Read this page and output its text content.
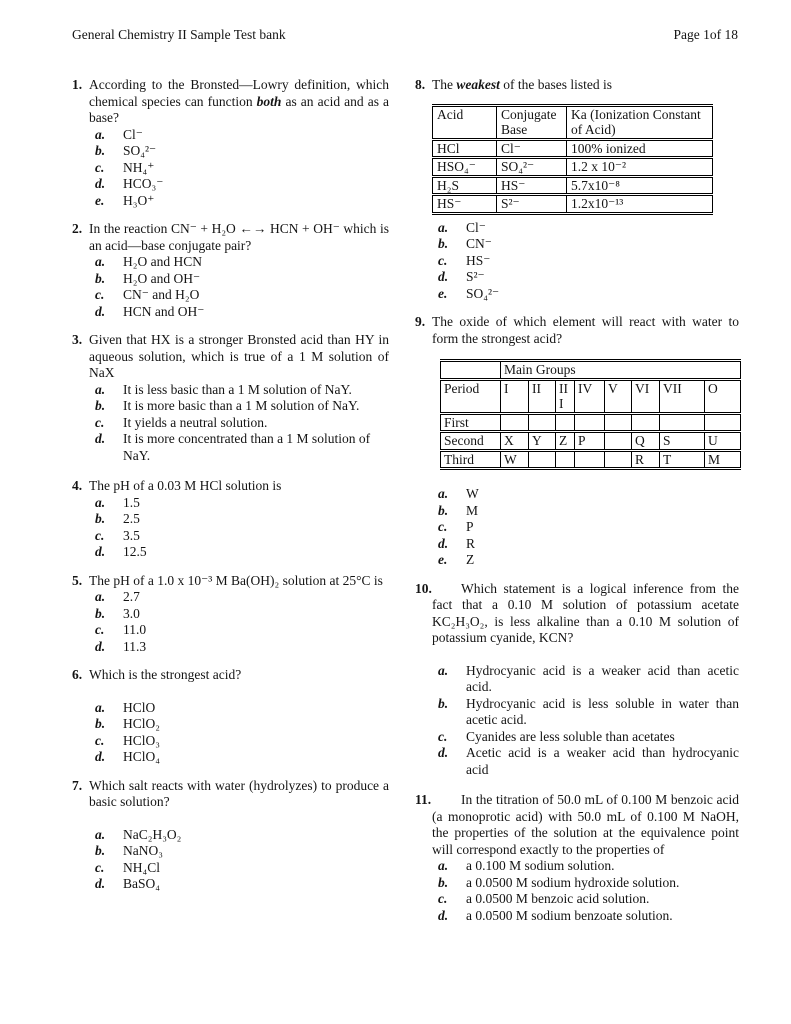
General Chemistry II Sample Test bank	Page 1of 18

1. According to the Bronsted—Lowry definition, which chemical species can function both as an acid and as a base?

a.	Cl⁻
b.	SO₄²⁻
c.	NH₄⁺
d.	HCO₃⁻
e.	H₃O⁺

2. In the reaction CN⁻ + H₂O ←→ HCN + OH⁻ which is an acid—base conjugate pair?

a.	H₂O and HCN
b.	H₂O and OH⁻
c.	CN⁻ and H₂O
d.	HCN and OH⁻

3. Given that HX is a stronger Bronsted acid than HY in aqueous solution, which is true of a 1 M solution of NaX

a.	It is less basic than a 1 M solution of NaY.
b.	It is more basic than a 1 M solution of NaY.
c.	It yields a neutral solution.
d.	It is more concentrated than a 1 M solution of NaY.

4. The pH of a 0.03 M HCl solution is

a.	1.5
b.	2.5
c.	3.5
d.	12.5

5. The pH of a 1.0 x 10⁻³ M Ba(OH)₂ solution at 25°C is

a.	2.7
b.	3.0
c.	11.0
d.	11.3

6. Which is the strongest acid?

a.	HClO
b.	HClO₂
c.	HClO₃
d.	HClO₄

7. Which salt reacts with water (hydrolyzes) to produce a basic solution?

a.	NaC₂H₃O₂
b.	NaNO₃
c.	NH₄Cl
d.	BaSO₄

8. The weakest of the bases listed is

Acid	Conjugate Base	Ka (Ionization Constant of Acid)
HCl	Cl⁻	100% ionized
HSO₄⁻	SO₄²⁻	1.2 x 10⁻²
H₂S	HS⁻	5.7x10⁻⁸
HS⁻	S²⁻	1.2x10⁻¹³
a.	Cl⁻
b.	CN⁻
c.	HS⁻
d.	S²⁻
e.	SO₄²⁻

9. The oxide of which element will react with water to form the strongest acid?

	Main Groups							
Period	I	II	III	IV	V	VI	VII	O
First								
Second	X	Y	Z	P		Q	S	U
Third	W					R	T	M
a.	W
b.	M
c.	P
d.	R
e.	Z

10. Which statement is a logical inference from the fact that a 0.10 M solution of potassium acetate KC₂H₃O₂, is less alkaline than a 0.10 M solution of potassium cyanide, KCN?

a.	Hydrocyanic acid is a weaker acid than acetic acid.
b.	Hydrocyanic acid is less soluble in water than acetic acid.
c.	Cyanides are less soluble than acetates
d.	Acetic acid is a weaker acid than hydrocyanic acid

11. In the titration of 50.0 mL of 0.100 M benzoic acid (a monoprotic acid) with 50.0 mL of 0.100 M NaOH, the properties of the solution at the equivalence point will correspond exactly to the properties of

a.	a 0.100 M sodium solution.
b.	a 0.0500 M sodium hydroxide solution.
c.	a 0.0500 M benzoic acid solution.
d.	a 0.0500 M sodium benzoate solution.
